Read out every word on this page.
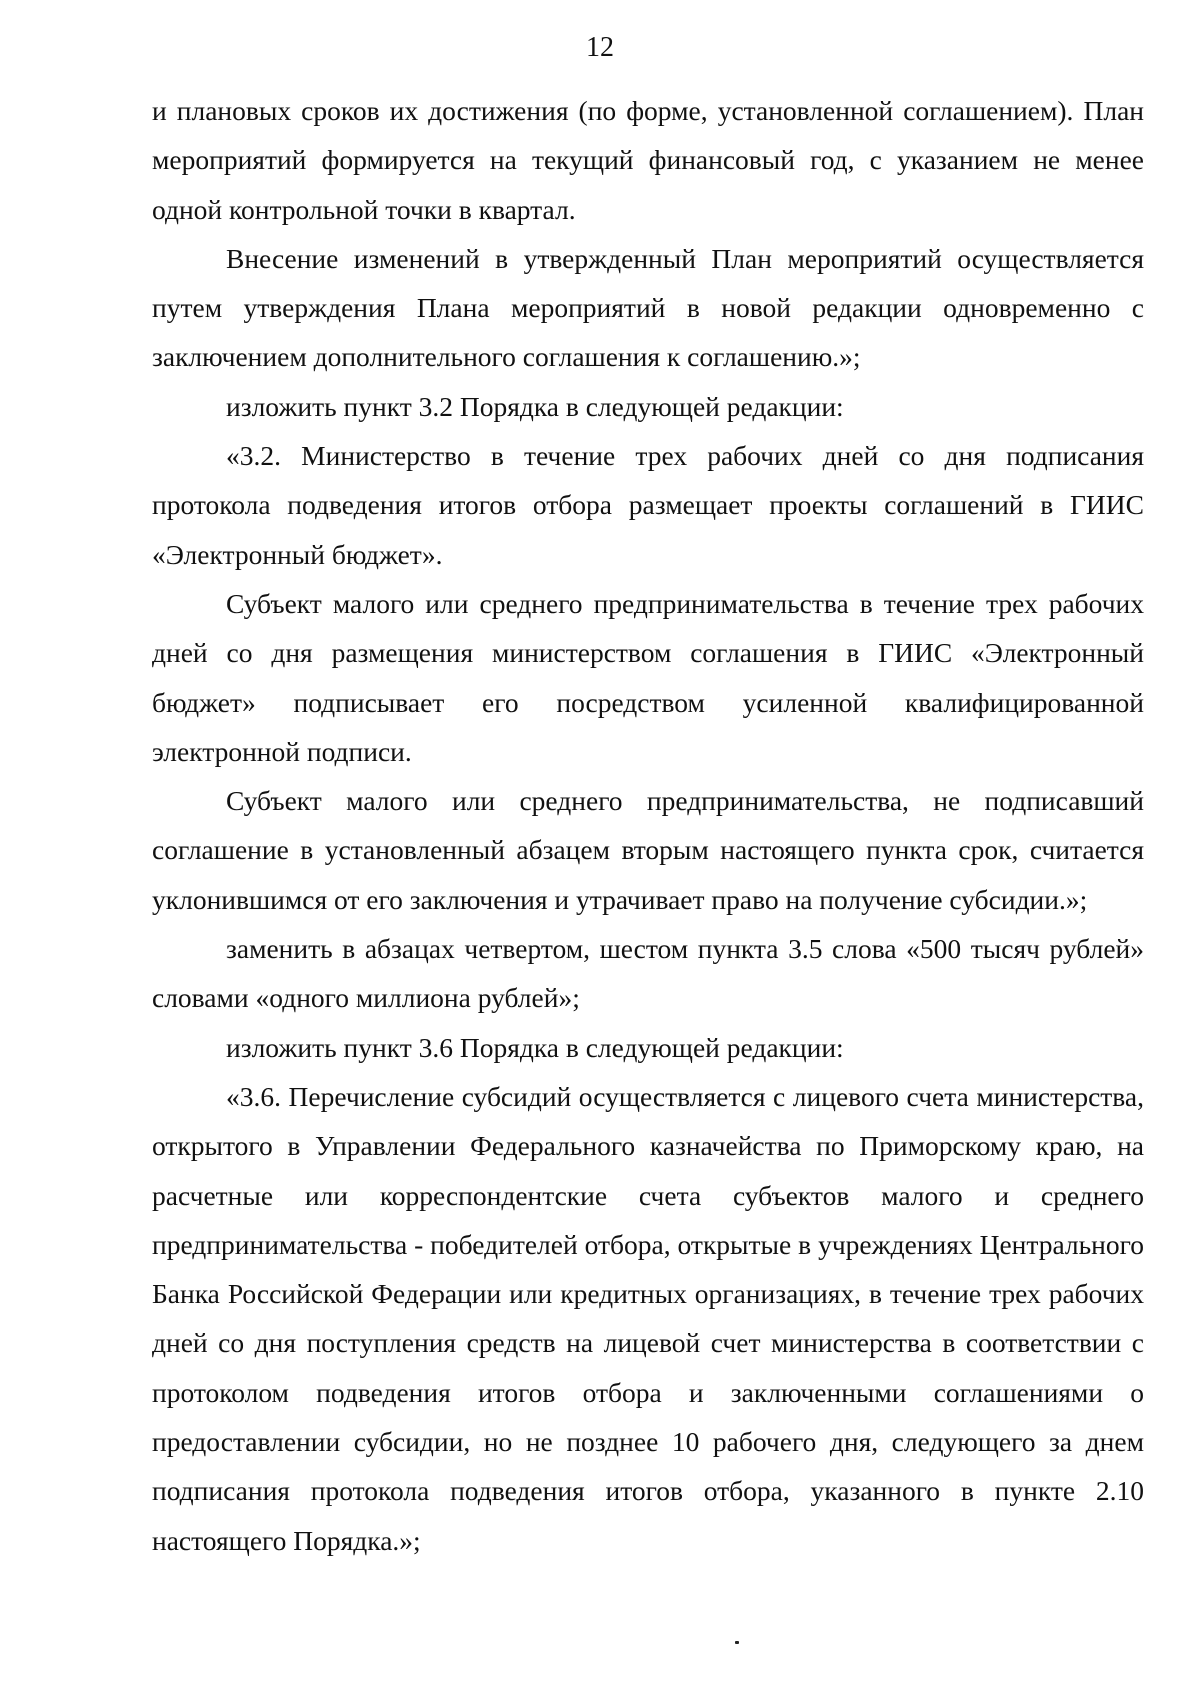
12

и плановых сроков их достижения (по форме, установленной соглашением). План мероприятий формируется на текущий финансовый год, с указанием не менее одной контрольной точки в квартал.

Внесение изменений в утвержденный План мероприятий осуществляется путем утверждения Плана мероприятий в новой редакции одновременно с заключением дополнительного соглашения к соглашению.»;

изложить пункт 3.2 Порядка в следующей редакции:

«3.2. Министерство в течение трех рабочих дней со дня подписания протокола подведения итогов отбора размещает проекты соглашений в ГИИС «Электронный бюджет».

Субъект малого или среднего предпринимательства в течение трех рабочих дней со дня размещения министерством соглашения в ГИИС «Электронный бюджет» подписывает его посредством усиленной квалифицированной электронной подписи.

Субъект малого или среднего предпринимательства, не подписавший соглашение в установленный абзацем вторым настоящего пункта срок, считается уклонившимся от его заключения и утрачивает право на получение субсидии.»;

заменить в абзацах четвертом, шестом пункта 3.5 слова «500 тысяч рублей» словами «одного миллиона рублей»;

изложить пункт 3.6 Порядка в следующей редакции:

«3.6. Перечисление субсидий осуществляется с лицевого счета министерства, открытого в Управлении Федерального казначейства по Приморскому краю, на расчетные или корреспондентские счета субъектов малого и среднего предпринимательства - победителей отбора, открытые в учреждениях Центрального Банка Российской Федерации или кредитных организациях, в течение трех рабочих дней со дня поступления средств на лицевой счет министерства в соответствии с протоколом подведения итогов отбора и заключенными соглашениями о предоставлении субсидии, но не позднее 10 рабочего дня, следующего за днем подписания протокола подведения итогов отбора, указанного в пункте 2.10 настоящего Порядка.»;
